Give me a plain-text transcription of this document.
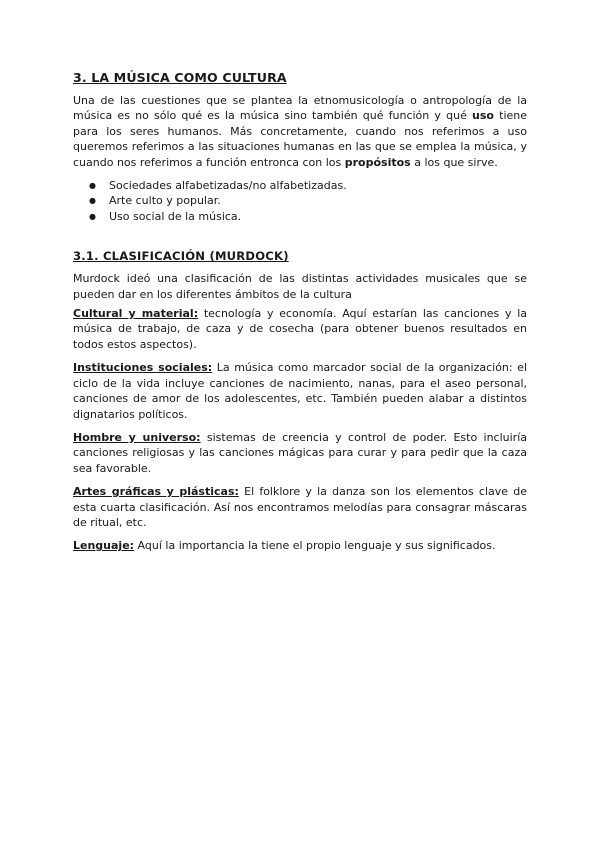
3. LA MÚSICA COMO CULTURA

Una de las cuestiones que se plantea la etnomusicología o antropología de la música es no sólo qué es la música sino también qué función y qué uso tiene para los seres humanos. Más concretamente, cuando nos referimos a uso queremos referimos a las situaciones humanas en las que se emplea la música, y cuando nos referimos a función entronca con los propósitos a los que sirve.

● Sociedades alfabetizadas/no alfabetizadas.
● Arte culto y popular.
● Uso social de la música.
3.1. CLASIFICACIÓN (MURDOCK)

Murdock ideó una clasificación de las distintas actividades musicales que se pueden dar en los diferentes ámbitos de la cultura

Cultural y material: tecnología y economía. Aquí estarían las canciones y la música de trabajo, de caza y de cosecha (para obtener buenos resultados en todos estos aspectos).

Instituciones sociales: La música como marcador social de la organización: el ciclo de la vida incluye canciones de nacimiento, nanas, para el aseo personal, canciones de amor de los adolescentes, etc. También pueden alabar a distintos dignatarios políticos.

Hombre y universo: sistemas de creencia y control de poder. Esto incluiría canciones religiosas y las canciones mágicas para curar y para pedir que la caza sea favorable.

Artes gráficas y plásticas: El folklore y la danza son los elementos clave de esta cuarta clasificación. Así nos encontramos melodías para consagrar máscaras de ritual, etc.

Lenguaje: Aquí la importancia la tiene el propio lenguaje y sus significados.
